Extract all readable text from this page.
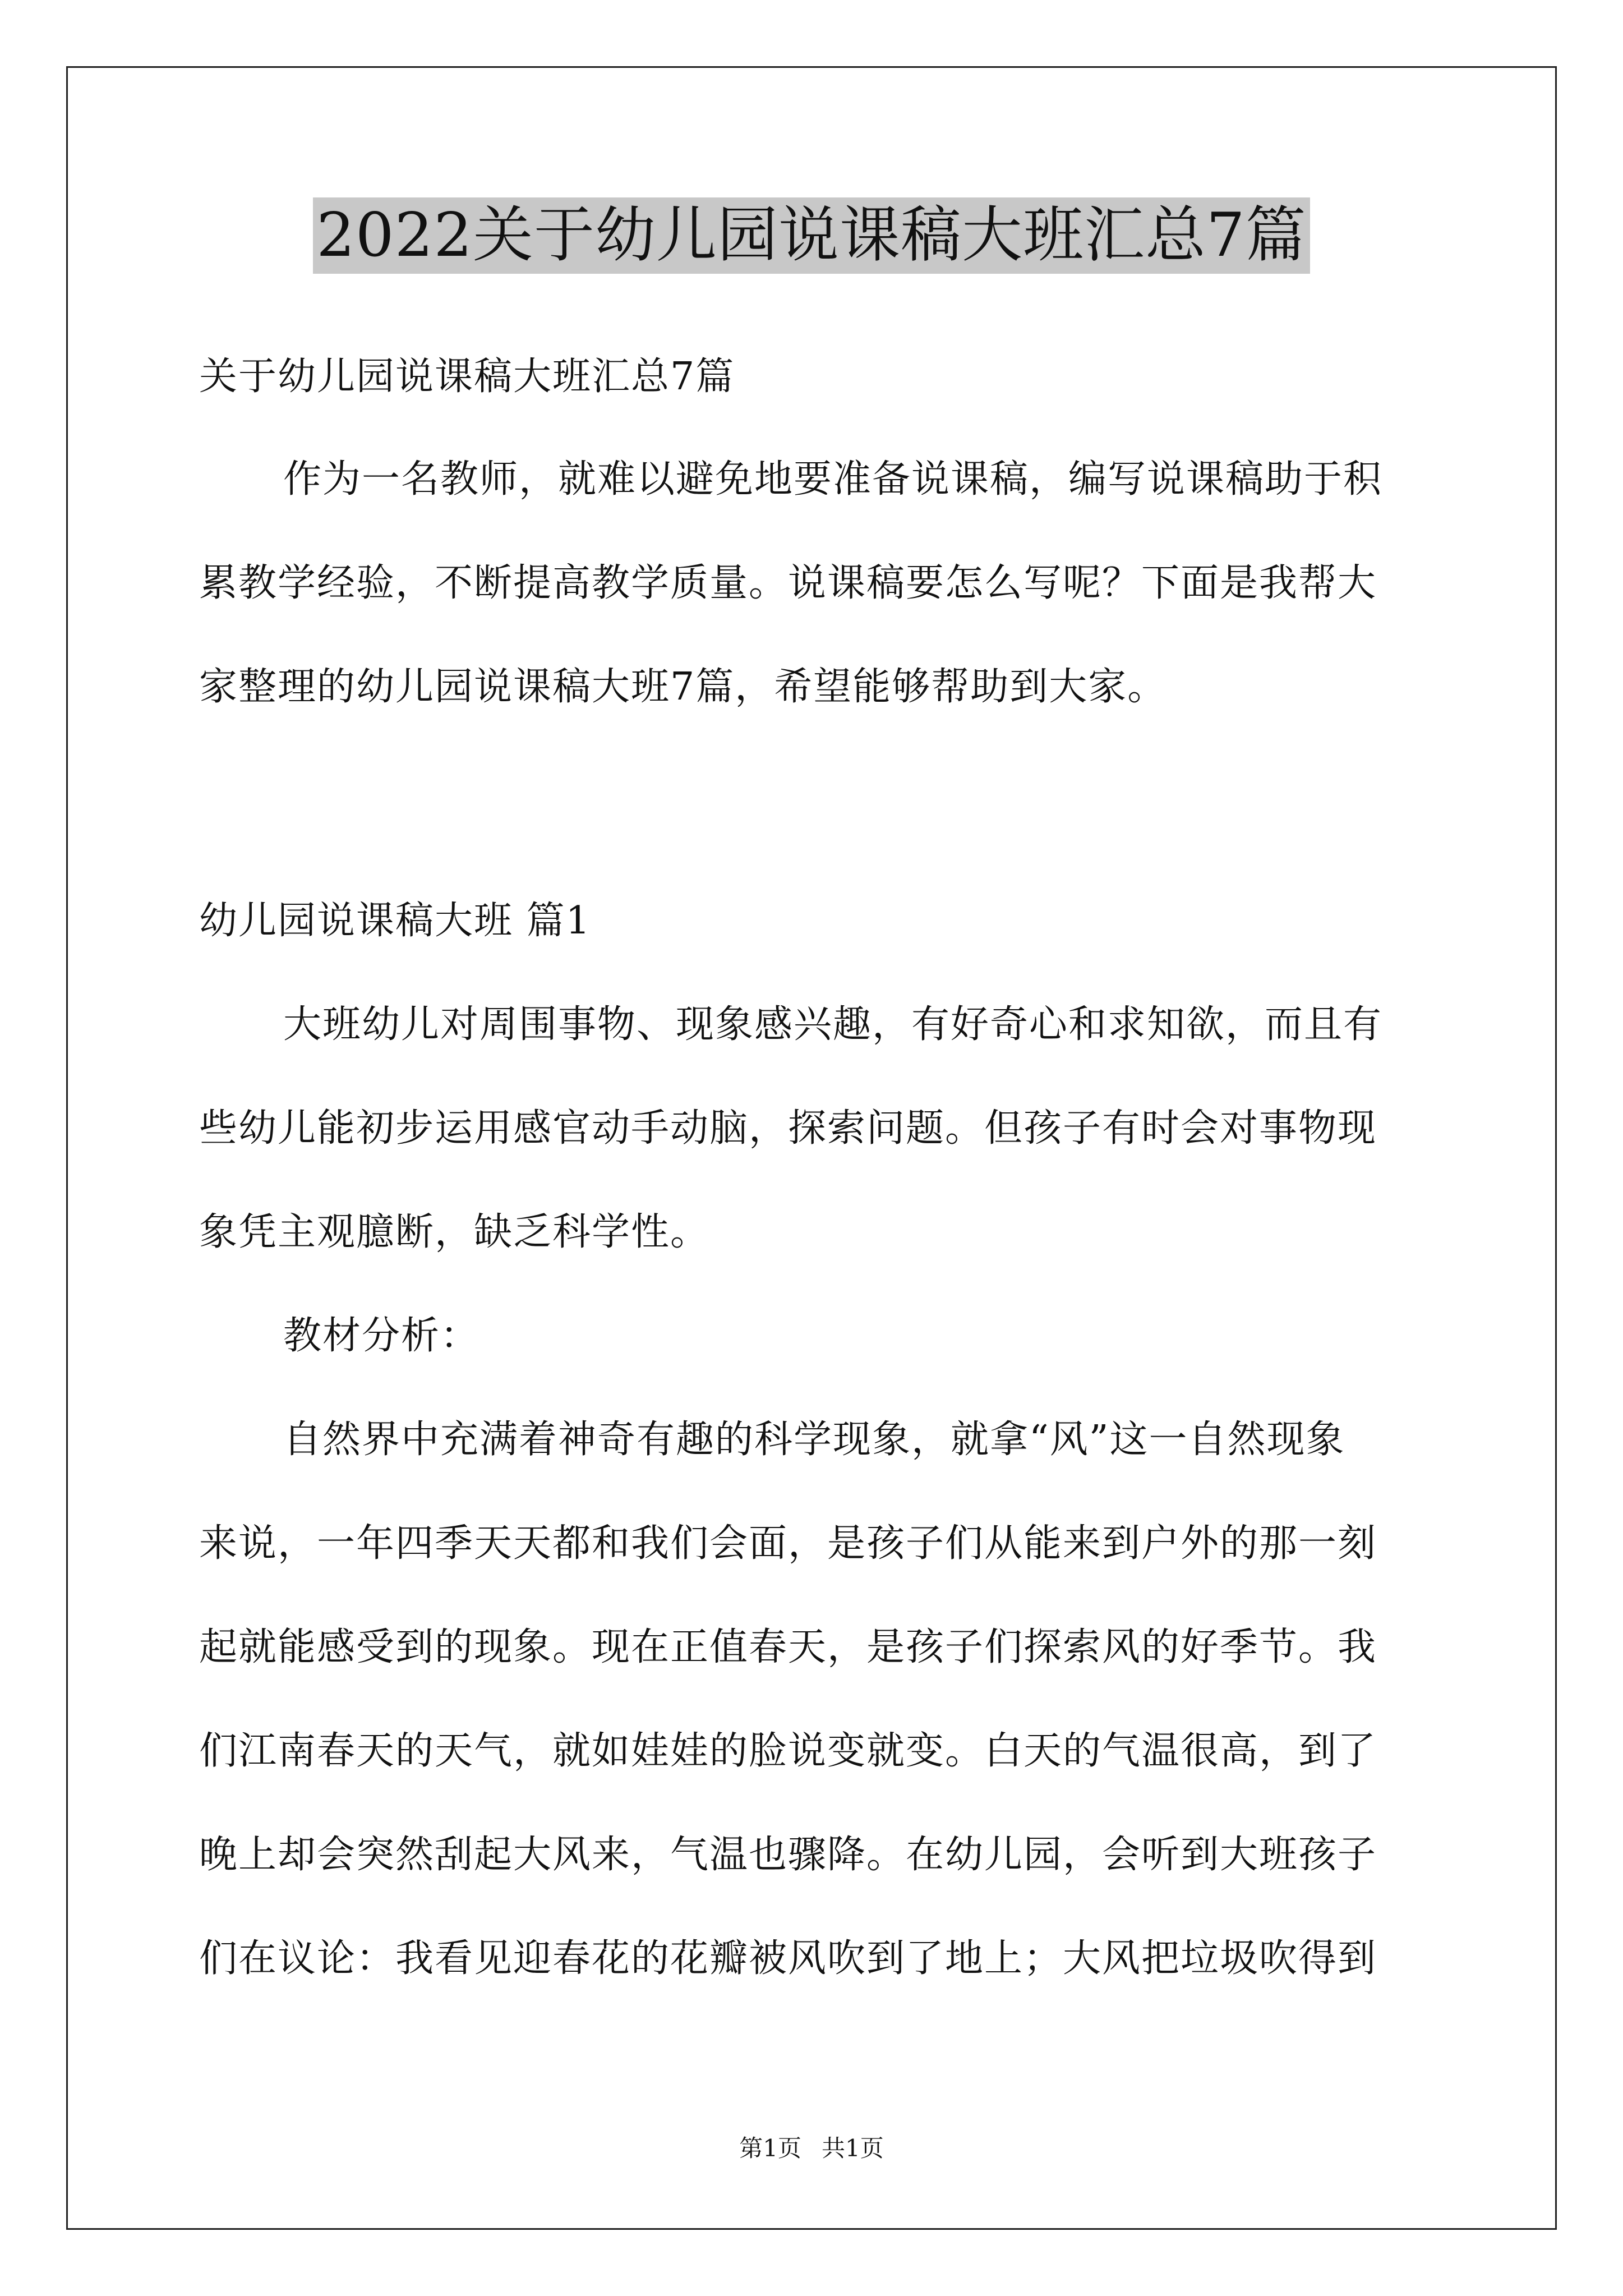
2022关于幼儿园说课稿大班汇总7篇
关于幼儿园说课稿大班汇总7篇
作为一名教师，就难以避免地要准备说课稿，编写说课稿助于积
累教学经验，不断提高教学质量。说课稿要怎么写呢？下面是我帮大
家整理的幼儿园说课稿大班7篇，希望能够帮助到大家。
幼儿园说课稿大班 篇1
大班幼儿对周围事物、现象感兴趣，有好奇心和求知欲，而且有
些幼儿能初步运用感官动手动脑，探索问题。但孩子有时会对事物现
象凭主观臆断，缺乏科学性。
教材分析：
自然界中充满着神奇有趣的科学现象，就拿“风”这一自然现象
来说，一年四季天天都和我们会面，是孩子们从能来到户外的那一刻
起就能感受到的现象。现在正值春天，是孩子们探索风的好季节。我
们江南春天的天气，就如娃娃的脸说变就变。白天的气温很高，到了
晚上却会突然刮起大风来，气温也骤降。在幼儿园，会听到大班孩子
们在议论：我看见迎春花的花瓣被风吹到了地上；大风把垃圾吹得到
第1页 共1页
